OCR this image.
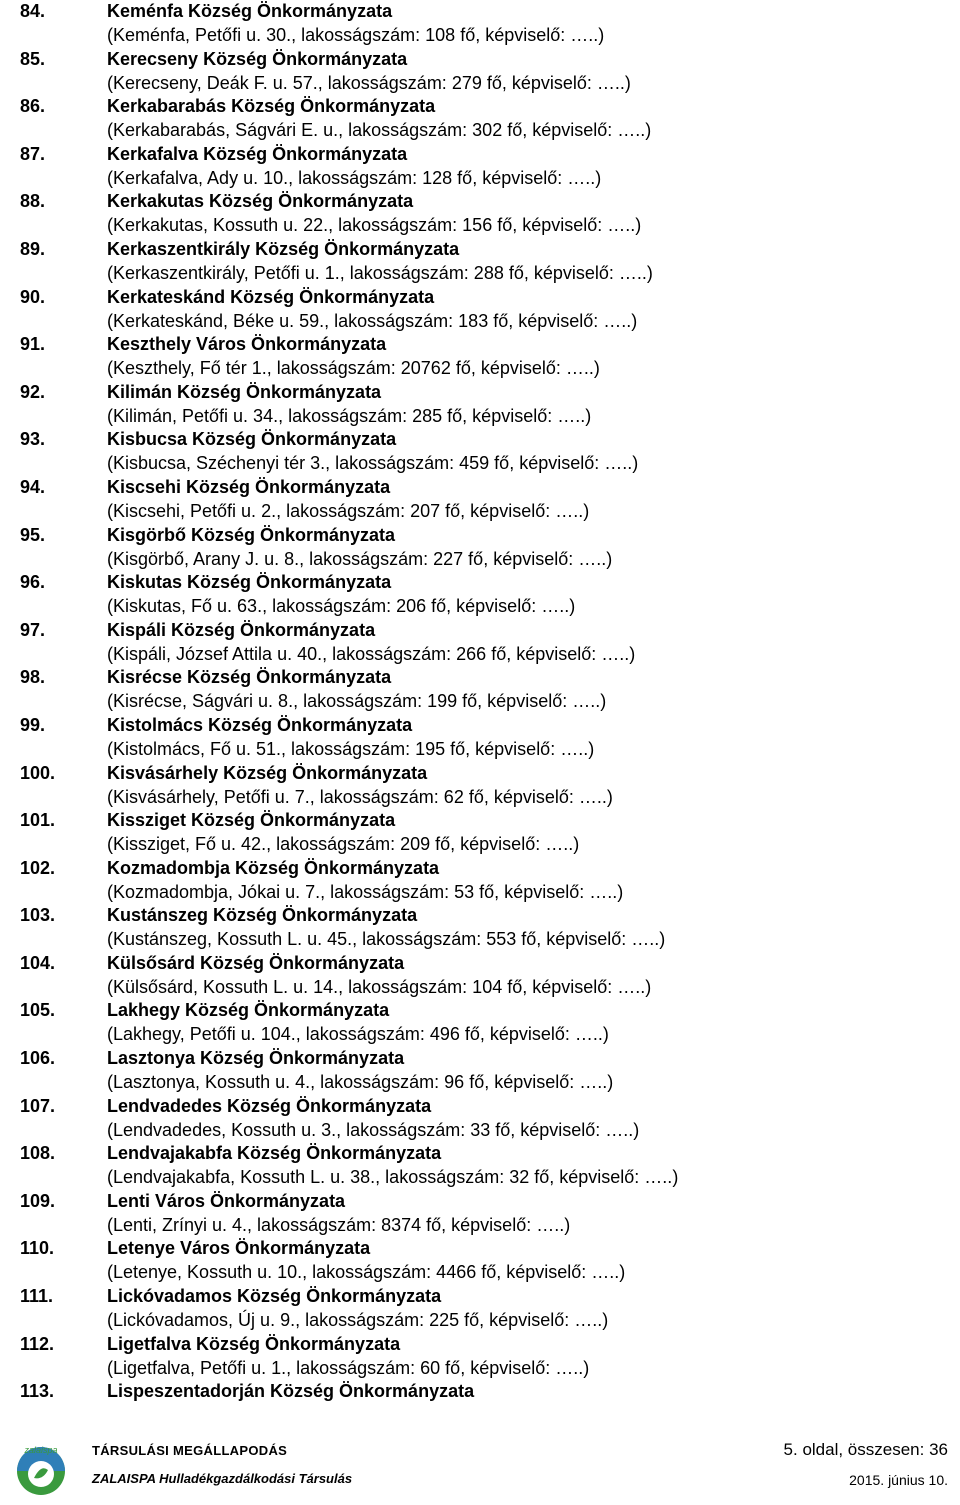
84.	Keménfa Község Önkormányzata
(Keménfa, Petőfi u. 30., lakosságszám: 108 fő, képviselő: …..)
85.	Kerecseny Község Önkormányzata
(Kerecseny, Deák F. u. 57., lakosságszám: 279 fő, képviselő: …..)
86.	Kerkabarabás Község Önkormányzata
(Kerkabarabás, Ságvári E. u., lakosságszám: 302 fő, képviselő: …..)
87.	Kerkafalva Község Önkormányzata
(Kerkafalva, Ady u. 10., lakosságszám: 128 fő, képviselő: …..)
88.	Kerkakutas Község Önkormányzata
(Kerkakutas, Kossuth u. 22., lakosságszám: 156 fő, képviselő: …..)
89.	Kerkaszentkirály Község Önkormányzata
(Kerkaszentkirály, Petőfi u. 1., lakosságszám: 288 fő, képviselő: …..)
90.	Kerkateskánd Község Önkormányzata
(Kerkateskánd, Béke u. 59., lakosságszám: 183 fő, képviselő: …..)
91.	Keszthely Város Önkormányzata
(Keszthely, Fő tér 1., lakosságszám: 20762 fő, képviselő: …..)
92.	Kilimán Község Önkormányzata
(Kilimán, Petőfi u. 34., lakosságszám: 285 fő, képviselő: …..)
93.	Kisbucsa Község Önkormányzata
(Kisbucsa, Széchenyi tér 3., lakosságszám: 459 fő, képviselő: …..)
94.	Kiscsehi Község Önkormányzata
(Kiscsehi, Petőfi u. 2., lakosságszám: 207 fő, képviselő: …..)
95.	Kisgörbő Község Önkormányzata
(Kisgörbő, Arany J. u. 8., lakosságszám: 227 fő, képviselő: …..)
96.	Kiskutas Község Önkormányzata
(Kiskutas, Fő u. 63., lakosságszám: 206 fő, képviselő: …..)
97.	Kispáli Község Önkormányzata
(Kispáli, József Attila u. 40., lakosságszám: 266 fő, képviselő: …..)
98.	Kisrécse Község Önkormányzata
(Kisrécse, Ságvári u. 8., lakosságszám: 199 fő, képviselő: …..)
99.	Kistolmács Község Önkormányzata
(Kistolmács, Fő u. 51., lakosságszám: 195 fő, képviselő: …..)
100.	Kisvásárhely Község Önkormányzata
(Kisvásárhely, Petőfi u. 7., lakosságszám: 62 fő, képviselő: …..)
101.	Kissziget Község Önkormányzata
(Kissziget, Fő u. 42., lakosságszám: 209 fő, képviselő: …..)
102.	Kozmadombja Község Önkormányzata
(Kozmadombja, Jókai u. 7., lakosságszám: 53 fő, képviselő: …..)
103.	Kustánszeg Község Önkormányzata
(Kustánszeg, Kossuth L. u. 45., lakosságszám: 553 fő, képviselő: …..)
104.	Külsősárd Község Önkormányzata
(Külsősárd, Kossuth L. u. 14., lakosságszám: 104 fő, képviselő: …..)
105.	Lakhegy Község Önkormányzata
(Lakhegy, Petőfi u. 104., lakosságszám: 496 fő, képviselő: …..)
106.	Lasztonya Község Önkormányzata
(Lasztonya, Kossuth u. 4., lakosságszám: 96 fő, képviselő: …..)
107.	Lendvadedes Község Önkormányzata
(Lendvadedes, Kossuth u. 3., lakosságszám: 33 fő, képviselő: …..)
108.	Lendvajakabfa Község Önkormányzata
(Lendvajakabfa, Kossuth L. u. 38., lakosságszám: 32 fő, képviselő: …..)
109.	Lenti Város Önkormányzata
(Lenti, Zrínyi u. 4., lakosságszám: 8374 fő, képviselő: …..)
110.	Letenye Város Önkormányzata
(Letenye, Kossuth u. 10., lakosságszám: 4466 fő, képviselő: …..)
111.	Lickóvadamos Község Önkormányzata
(Lickóvadamos, Új u. 9., lakosságszám: 225 fő, képviselő: …..)
112.	Ligetfalva Község Önkormányzata
(Ligetfalva, Petőfi u. 1., lakosságszám: 60 fő, képviselő: …..)
113.	Lispeszentadorján Község Önkormányzata
zalaispa	TÁRSULÁSI MEGÁLLAPODÁS
ZALAISPA Hulladékgazdálkodási Társulás
5. oldal, összesen: 36
2015. június 10.
